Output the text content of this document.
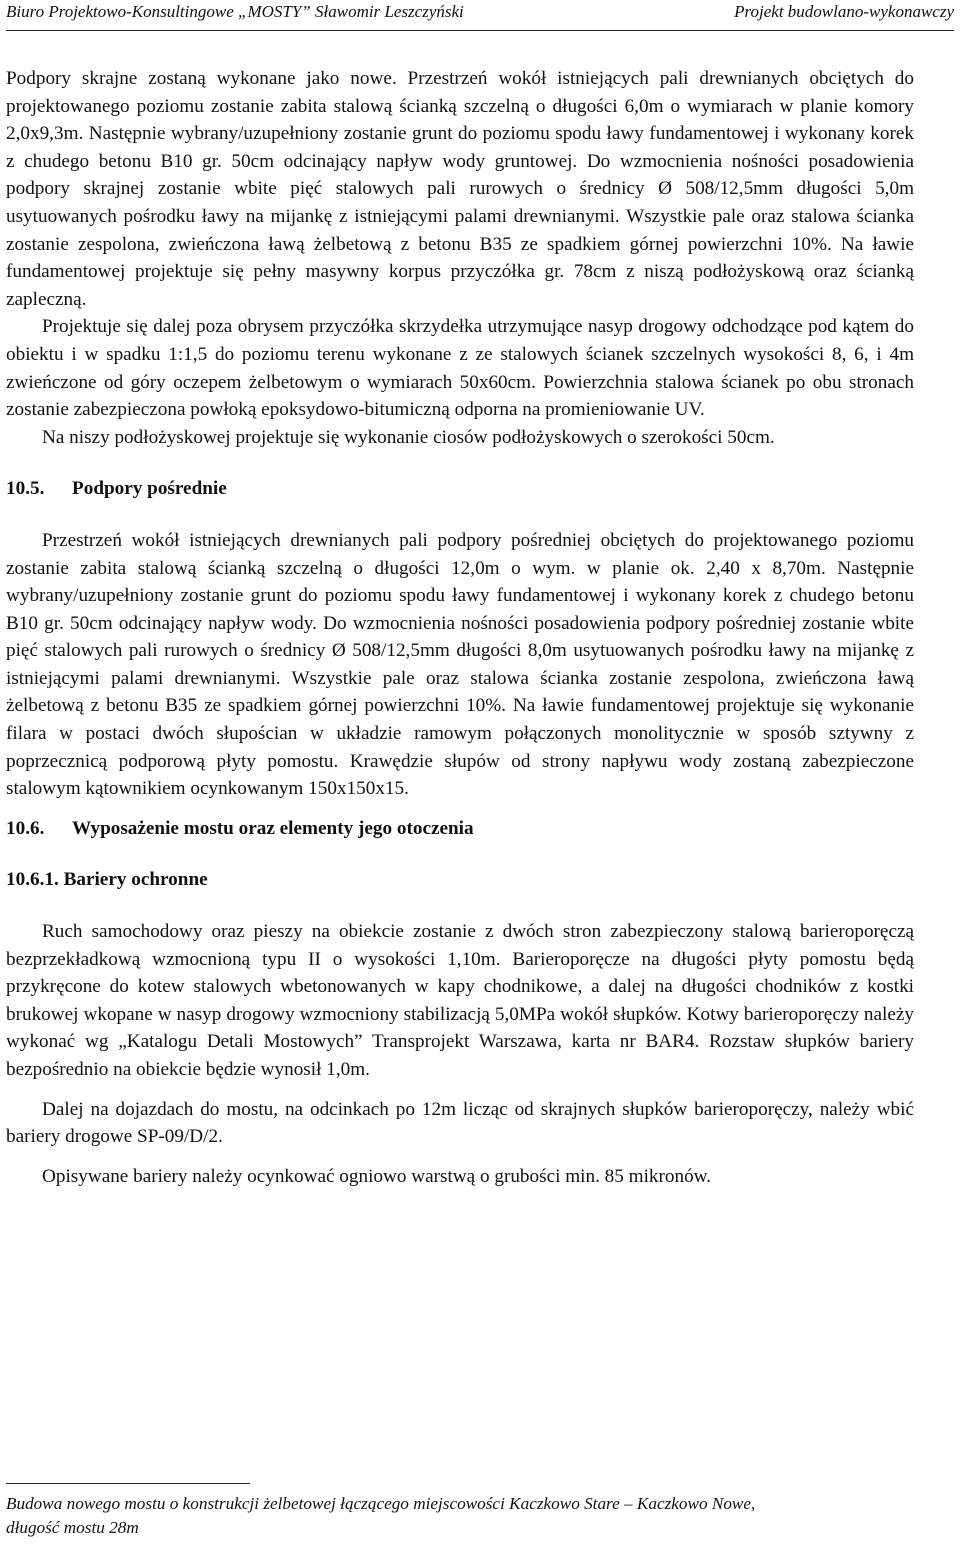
Biuro Projektowo-Konsultingowe „MOSTY” Sławomir Leszczyński	Projekt budowlano-wykonawczy

Podpory skrajne zostaną wykonane jako nowe. Przestrzeń wokół istniejących pali drewnianych obciętych do projektowanego poziomu zostanie zabita stalową ścianką szczelną o długości 6,0m o wymiarach w planie komory 2,0x9,3m. Następnie wybrany/uzupełniony zostanie grunt do poziomu spodu ławy fundamentowej i wykonany korek z chudego betonu B10 gr. 50cm odcinający napływ wody gruntowej. Do wzmocnienia nośności posadowienia podpory skrajnej zostanie wbite pięć stalowych pali rurowych o średnicy Ø 508/12,5mm długości 5,0m usytuowanych pośrodku ławy na mijankę z istniejącymi palami drewnianymi. Wszystkie pale oraz stalowa ścianka zostanie zespolona, zwieńczona ławą żelbetową z betonu B35 ze spadkiem górnej powierzchni 10%. Na ławie fundamentowej projektuje się pełny masywny korpus przyczółka gr. 78cm z niszą podłożyskową oraz ścianką zapleczną.

Projektuje się dalej poza obrysem przyczółka skrzydełka utrzymujące nasyp drogowy odchodzące pod kątem do obiektu i w spadku 1:1,5 do poziomu terenu wykonane z ze stalowych ścianek szczelnych wysokości 8, 6, i 4m zwieńczone od góry oczepem żelbetowym o wymiarach 50x60cm. Powierzchnia stalowa ścianek po obu stronach zostanie zabezpieczona powłoką epoksydowo-bitumiczną odporna na promieniowanie UV.

Na niszy podłożyskowej projektuje się wykonanie ciosów podłożyskowych o szerokości 50cm.

10.5. Podpory pośrednie

Przestrzeń wokół istniejących drewnianych pali podpory pośredniej obciętych do projektowanego poziomu zostanie zabita stalową ścianką szczelną o długości 12,0m o wym. w planie ok. 2,40 x 8,70m. Następnie wybrany/uzupełniony zostanie grunt do poziomu spodu ławy fundamentowej i wykonany korek z chudego betonu B10 gr. 50cm odcinający napływ wody. Do wzmocnienia nośności posadowienia podpory pośredniej zostanie wbite pięć stalowych pali rurowych o średnicy Ø 508/12,5mm długości 8,0m usytuowanych pośrodku ławy na mijankę z istniejącymi palami drewnianymi. Wszystkie pale oraz stalowa ścianka zostanie zespolona, zwieńczona ławą żelbetową z betonu B35 ze spadkiem górnej powierzchni 10%. Na ławie fundamentowej projektuje się wykonanie filara w postaci dwóch słupościan w układzie ramowym połączonych monolitycznie w sposób sztywny z poprzecznicą podporową płyty pomostu. Krawędzie słupów od strony napływu wody zostaną zabezpieczone stalowym kątownikiem ocynkowanym 150x150x15.

10.6. Wyposażenie mostu oraz elementy jego otoczenia
10.6.1. Bariery ochronne

Ruch samochodowy oraz pieszy na obiekcie zostanie z dwóch stron zabezpieczony stalową barieroporęczą bezprzekładkową wzmocnioną typu II o wysokości 1,10m. Barieroporęcze na długości płyty pomostu będą przykręcone do kotew stalowych wbetonowanych w kapy chodnikowe, a dalej na długości chodników z kostki brukowej wkopane w nasyp drogowy wzmocniony stabilizacją 5,0MPa wokół słupków. Kotwy barieroporęczy należy wykonać wg „Katalogu Detali Mostowych” Transprojekt Warszawa, karta nr BAR4. Rozstaw słupków bariery bezpośrednio na obiekcie będzie wynosił 1,0m.

Dalej na dojazdach do mostu, na odcinkach po 12m licząc od skrajnych słupków barieroporęczy, należy wbić bariery drogowe SP-09/D/2.

Opisywane bariery należy ocynkować ogniowo warstwą o grubości min. 85 mikronów.

Budowa nowego mostu o konstrukcji żelbetowej łączącego miejscowości Kaczkowo Stare – Kaczkowo Nowe,
długość mostu 28m
